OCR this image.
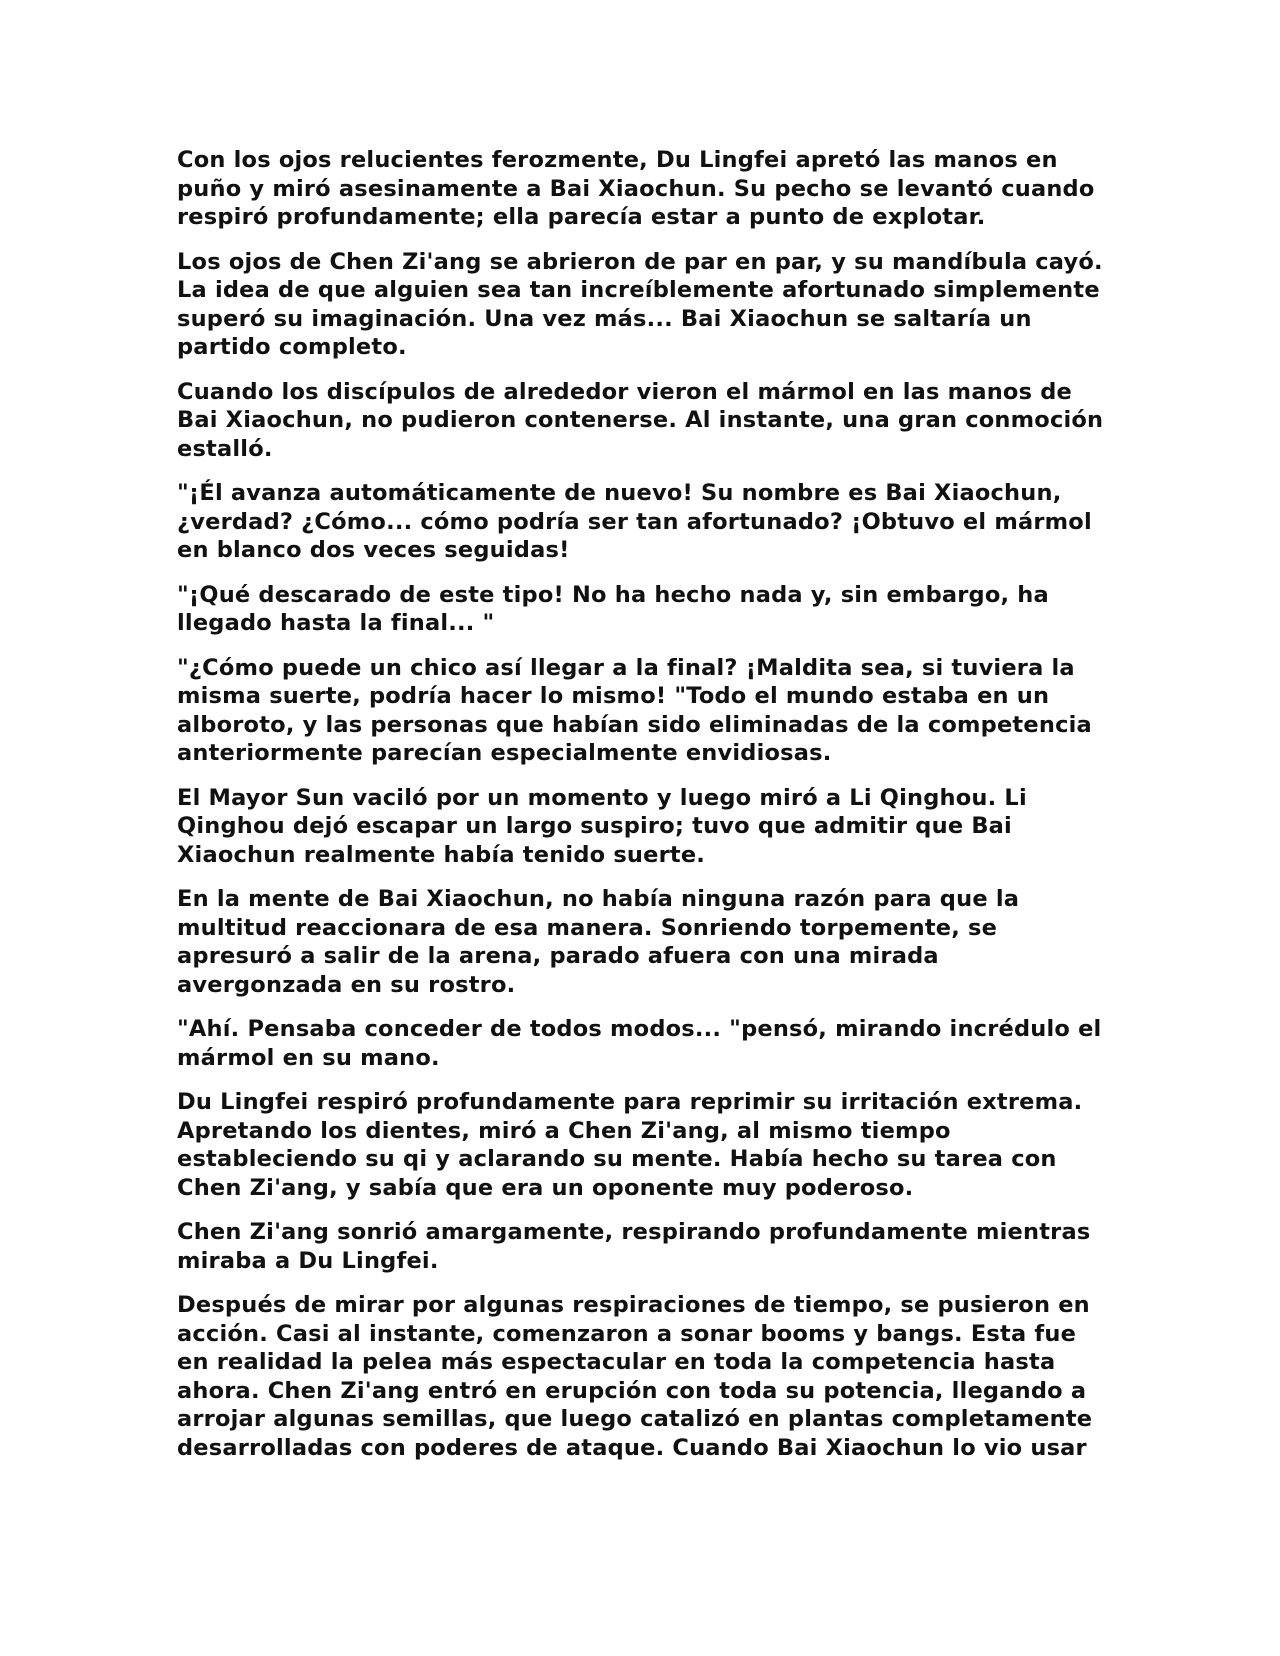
Con los ojos relucientes ferozmente, Du Lingfei apretó las manos en puño y miró asesinamente a Bai Xiaochun. Su pecho se levantó cuando respiró profundamente; ella parecía estar a punto de explotar.

Los ojos de Chen Zi'ang se abrieron de par en par, y su mandíbula cayó. La idea de que alguien sea tan increíblemente afortunado simplemente superó su imaginación. Una vez más... Bai Xiaochun se saltaría un partido completo.

Cuando los discípulos de alrededor vieron el mármol en las manos de Bai Xiaochun, no pudieron contenerse. Al instante, una gran conmoción estalló.

"¡Él avanza automáticamente de nuevo! Su nombre es Bai Xiaochun, ¿verdad? ¿Cómo... cómo podría ser tan afortunado? ¡Obtuvo el mármol en blanco dos veces seguidas!

"¡Qué descarado de este tipo! No ha hecho nada y, sin embargo, ha llegado hasta la final... "

"¿Cómo puede un chico así llegar a la final? ¡Maldita sea, si tuviera la misma suerte, podría hacer lo mismo! "Todo el mundo estaba en un alboroto, y las personas que habían sido eliminadas de la competencia anteriormente parecían especialmente envidiosas.

El Mayor Sun vaciló por un momento y luego miró a Li Qinghou. Li Qinghou dejó escapar un largo suspiro; tuvo que admitir que Bai Xiaochun realmente había tenido suerte.

En la mente de Bai Xiaochun, no había ninguna razón para que la multitud reaccionara de esa manera. Sonriendo torpemente, se apresuró a salir de la arena, parado afuera con una mirada avergonzada en su rostro.

"Ahí. Pensaba conceder de todos modos... "pensó, mirando incrédulo el mármol en su mano.

Du Lingfei respiró profundamente para reprimir su irritación extrema. Apretando los dientes, miró a Chen Zi'ang, al mismo tiempo estableciendo su qi y aclarando su mente. Había hecho su tarea con Chen Zi'ang, y sabía que era un oponente muy poderoso.

Chen Zi'ang sonrió amargamente, respirando profundamente mientras miraba a Du Lingfei.

Después de mirar por algunas respiraciones de tiempo, se pusieron en acción. Casi al instante, comenzaron a sonar booms y bangs. Esta fue en realidad la pelea más espectacular en toda la competencia hasta ahora. Chen Zi'ang entró en erupción con toda su potencia, llegando a arrojar algunas semillas, que luego catalizó en plantas completamente desarrolladas con poderes de ataque. Cuando Bai Xiaochun lo vio usar
